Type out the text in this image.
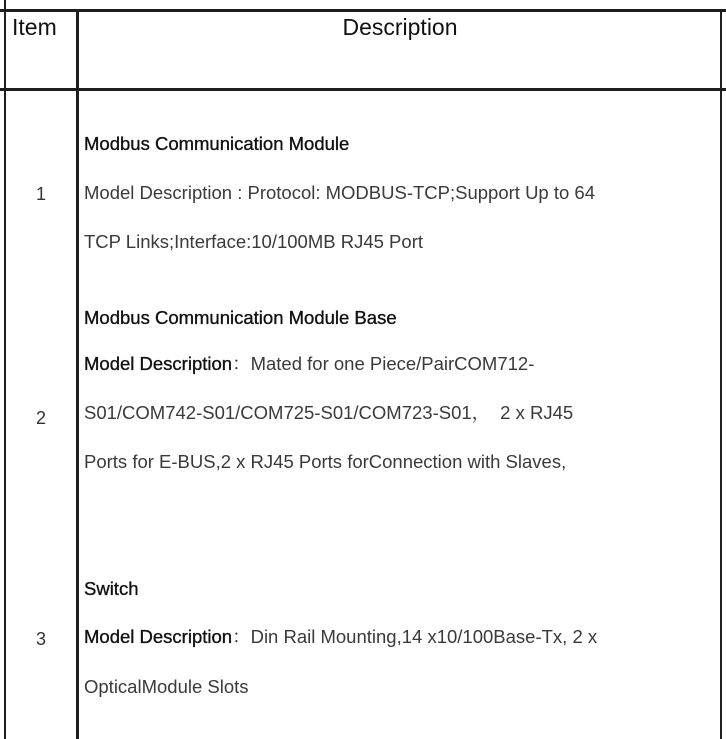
Item	Description
1
Modbus Communication Module
Model Description : Protocol: MODBUS-TCP;Support Up to 64
TCP Links;Interface:10/100MB RJ45 Port
2
Modbus Communication Module Base
Model Description：Mated for one Piece/PairCOM712-
S01/COM742-S01/COM725-S01/COM723-S01， 2 x RJ45
Ports for E-BUS,2 x RJ45 Ports forConnection with Slaves,
3
Switch
Model Description：Din Rail Mounting,14 x10/100Base-Tx, 2 x
OpticalModule Slots
